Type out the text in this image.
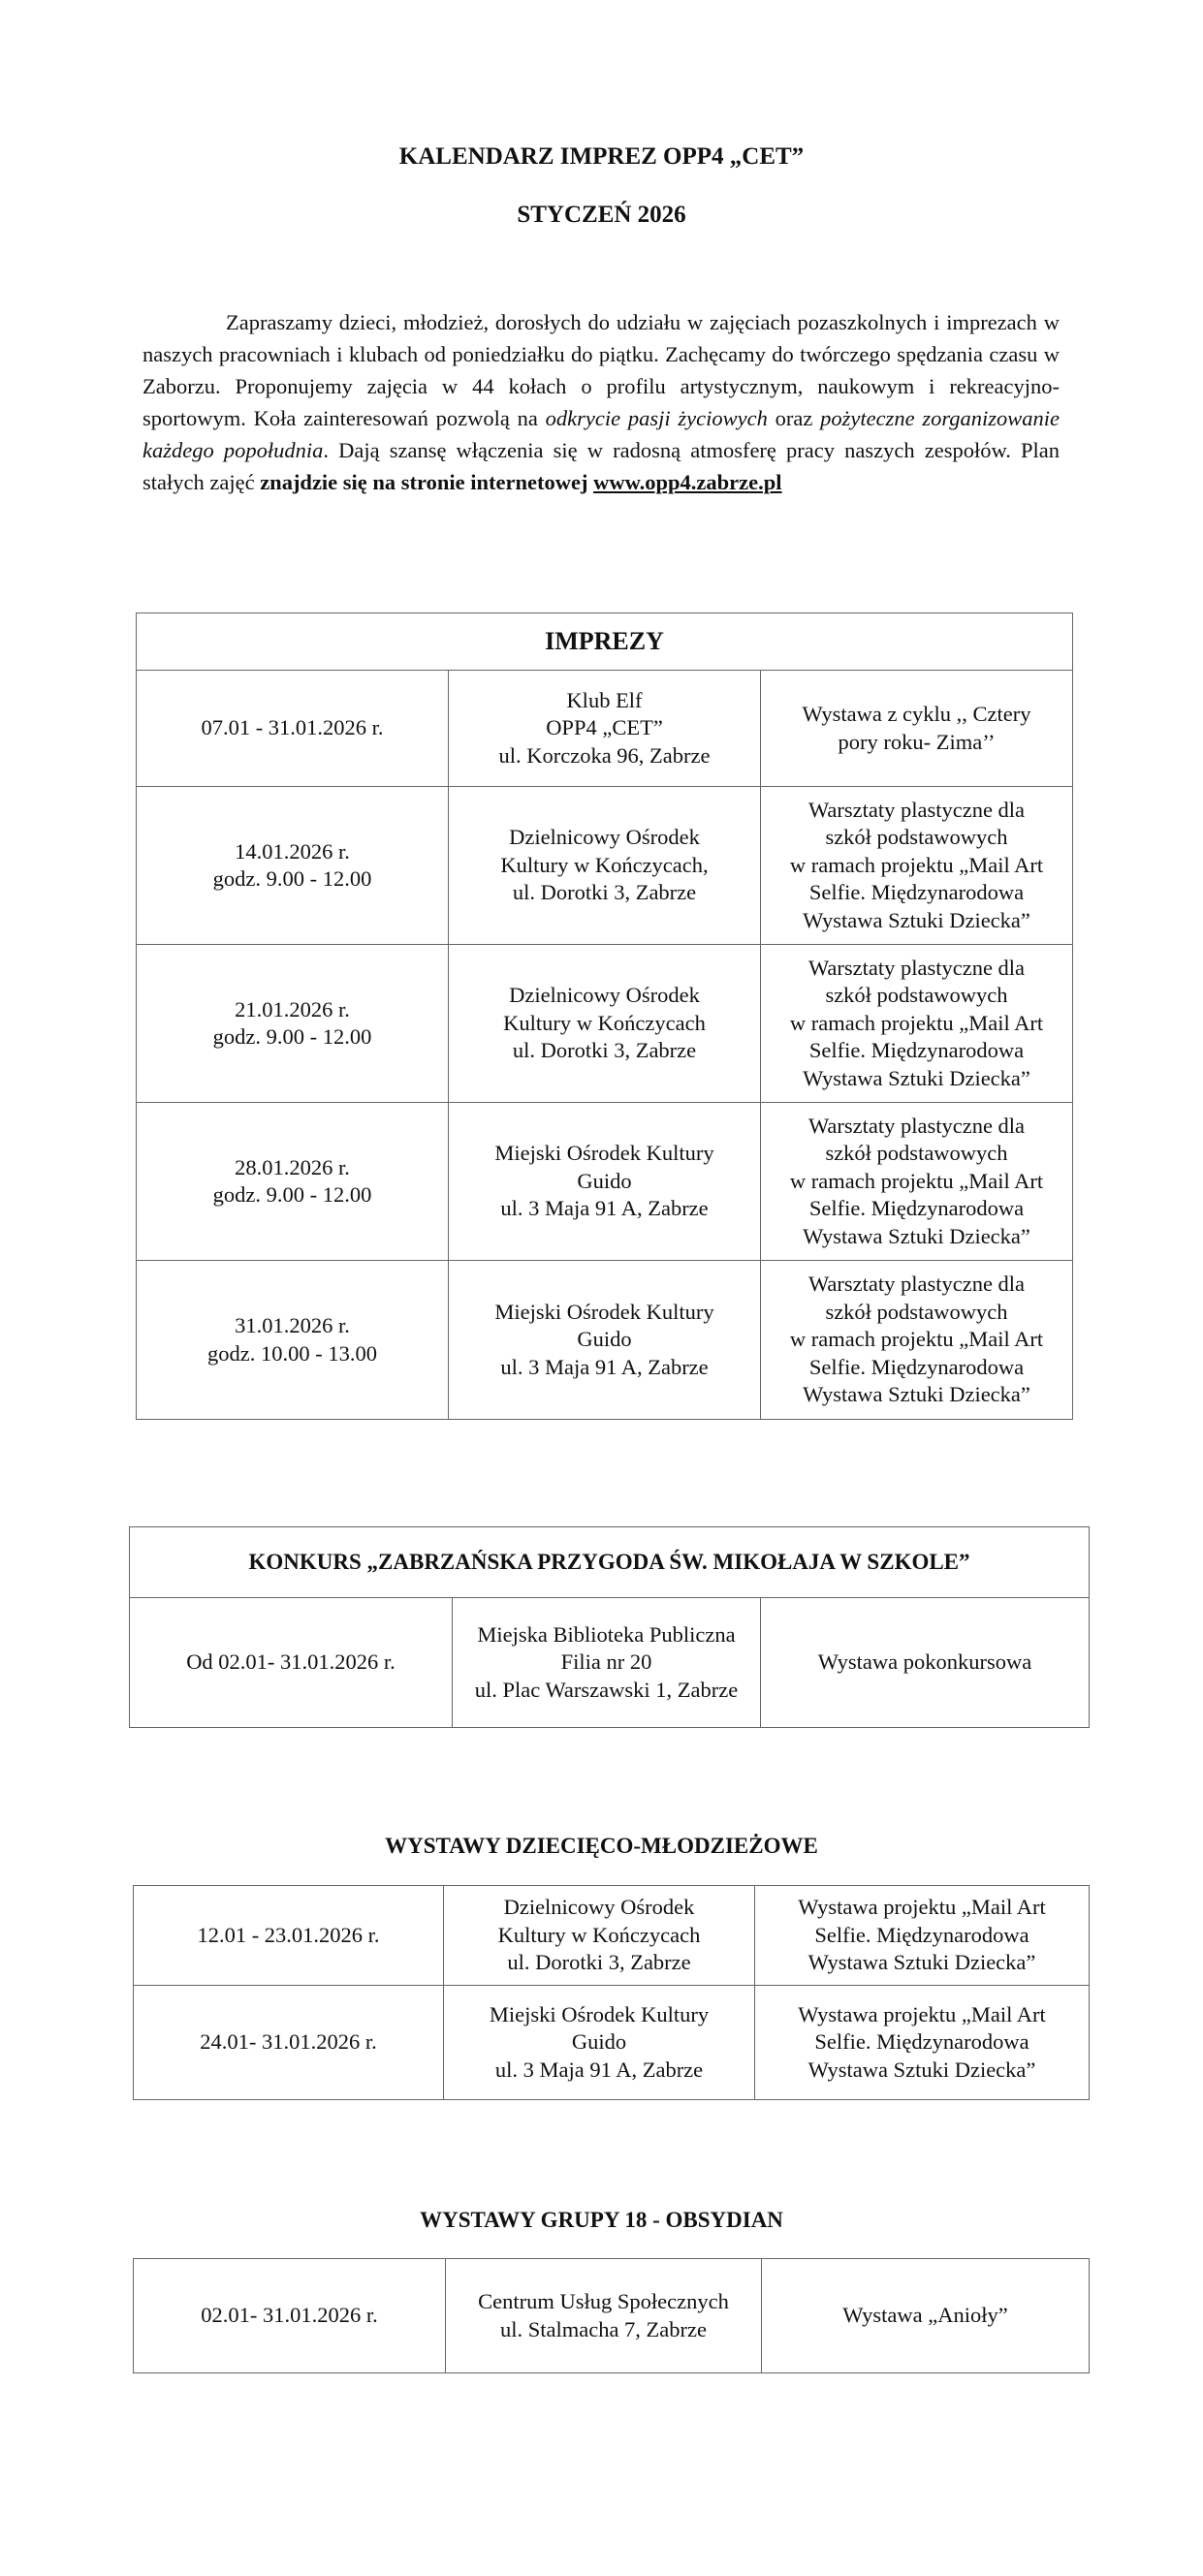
KALENDARZ IMPREZ OPP4 „CET”
STYCZEŃ 2026

Zapraszamy dzieci, młodzież, dorosłych do udziału w zajęciach pozaszkolnych i imprezach w naszych pracowniach i klubach od poniedziałku do piątku. Zachęcamy do twórczego spędzania czasu w Zaborzu. Proponujemy zajęcia w 44 kołach o profilu artystycznym, naukowym i rekreacyjno-sportowym. Koła zainteresowań pozwolą na odkrycie pasji życiowych oraz pożyteczne zorganizowanie każdego popołudnia. Dają szansę włączenia się w radosną atmosferę pracy naszych zespołów. Plan stałych zajęć znajdzie się na stronie internetowej www.opp4.zabrze.pl

IMPREZY		
07.01 - 31.01.2026 r.	Klub Elf
OPP4 „CET”
ul. Korczoka 96, Zabrze	Wystawa z cyklu ,, Cztery
pory roku- Zima’’
14.01.2026 r.
godz. 9.00 - 12.00	Dzielnicowy Ośrodek
Kultury w Kończycach,
ul. Dorotki 3, Zabrze	Warsztaty plastyczne dla
szkół podstawowych
w ramach projektu „Mail Art
Selfie. Międzynarodowa
Wystawa Sztuki Dziecka”
21.01.2026 r.
godz. 9.00 - 12.00	Dzielnicowy Ośrodek
Kultury w Kończycach
ul. Dorotki 3, Zabrze	Warsztaty plastyczne dla
szkół podstawowych
w ramach projektu „Mail Art
Selfie. Międzynarodowa
Wystawa Sztuki Dziecka”
28.01.2026 r.
godz. 9.00 - 12.00	Miejski Ośrodek Kultury
Guido
ul. 3 Maja 91 A, Zabrze	Warsztaty plastyczne dla
szkół podstawowych
w ramach projektu „Mail Art
Selfie. Międzynarodowa
Wystawa Sztuki Dziecka”
31.01.2026 r.
godz. 10.00 - 13.00	Miejski Ośrodek Kultury
Guido
ul. 3 Maja 91 A, Zabrze	Warsztaty plastyczne dla
szkół podstawowych
w ramach projektu „Mail Art
Selfie. Międzynarodowa
Wystawa Sztuki Dziecka”
KONKURS „ZABRZAŃSKA PRZYGODA ŚW. MIKOŁAJA W SZKOLE”
Od 02.01- 31.01.2026 r.	Miejska Biblioteka Publiczna
Filia nr 20
ul. Plac Warszawski 1, Zabrze	Wystawa pokonkursowa
WYSTAWY DZIECIĘCO-MŁODZIEŻOWE
12.01 - 23.01.2026 r.	Dzielnicowy Ośrodek
Kultury w Kończycach
ul. Dorotki 3, Zabrze	Wystawa projektu „Mail Art
Selfie. Międzynarodowa
Wystawa Sztuki Dziecka”
24.01- 31.01.2026 r.	Miejski Ośrodek Kultury
Guido
ul. 3 Maja 91 A, Zabrze	Wystawa projektu „Mail Art
Selfie. Międzynarodowa
Wystawa Sztuki Dziecka”
WYSTAWY GRUPY 18 - OBSYDIAN
02.01- 31.01.2026 r.	Centrum Usług Społecznych
ul. Stalmacha 7, Zabrze	Wystawa „Anioły”
